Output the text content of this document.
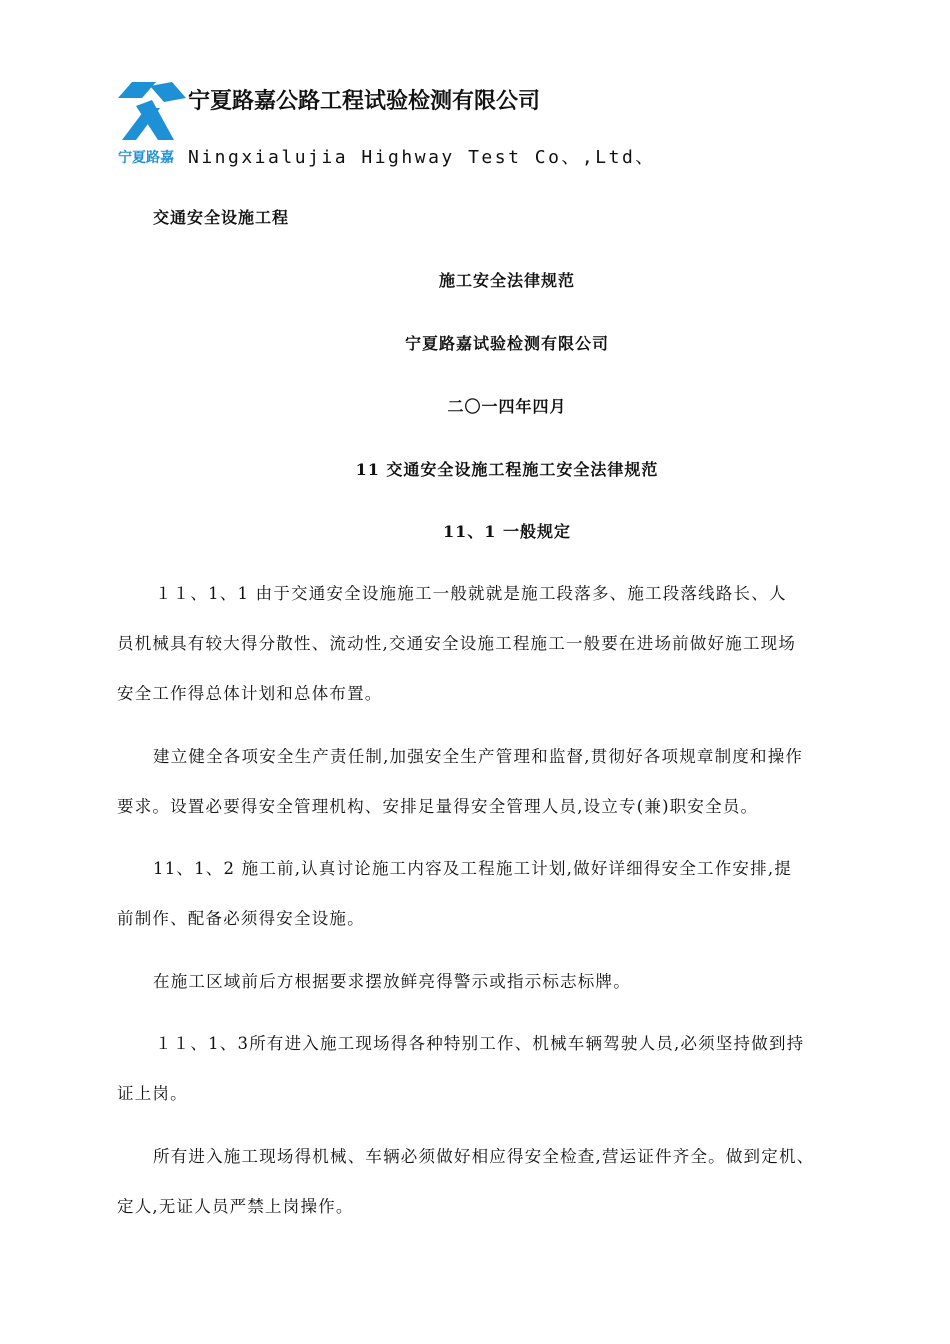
宁夏路嘉
宁夏路嘉公路工程试验检测有限公司
Ningxialujia Highway Test Co、,Ltd、
交通安全设施工程
施工安全法律规范
宁夏路嘉试验检测有限公司
二〇一四年四月
11 交通安全设施工程施工安全法律规范
11、1 一般规定
１１、1、1 由于交通安全设施施工一般就就是施工段落多、施工段落线路长、人
员机械具有较大得分散性、流动性,交通安全设施工程施工一般要在进场前做好施工现场
安全工作得总体计划和总体布置。
建立健全各项安全生产责任制,加强安全生产管理和监督,贯彻好各项规章制度和操作
要求。设置必要得安全管理机构、安排足量得安全管理人员,设立专(兼)职安全员。
11、1、2 施工前,认真讨论施工内容及工程施工计划,做好详细得安全工作安排,提
前制作、配备必须得安全设施。
在施工区域前后方根据要求摆放鲜亮得警示或指示标志标牌。
１１、1、3所有进入施工现场得各种特别工作、机械车辆驾驶人员,必须坚持做到持
证上岗。
所有进入施工现场得机械、车辆必须做好相应得安全检查,营运证件齐全。做到定机、
定人,无证人员严禁上岗操作。
